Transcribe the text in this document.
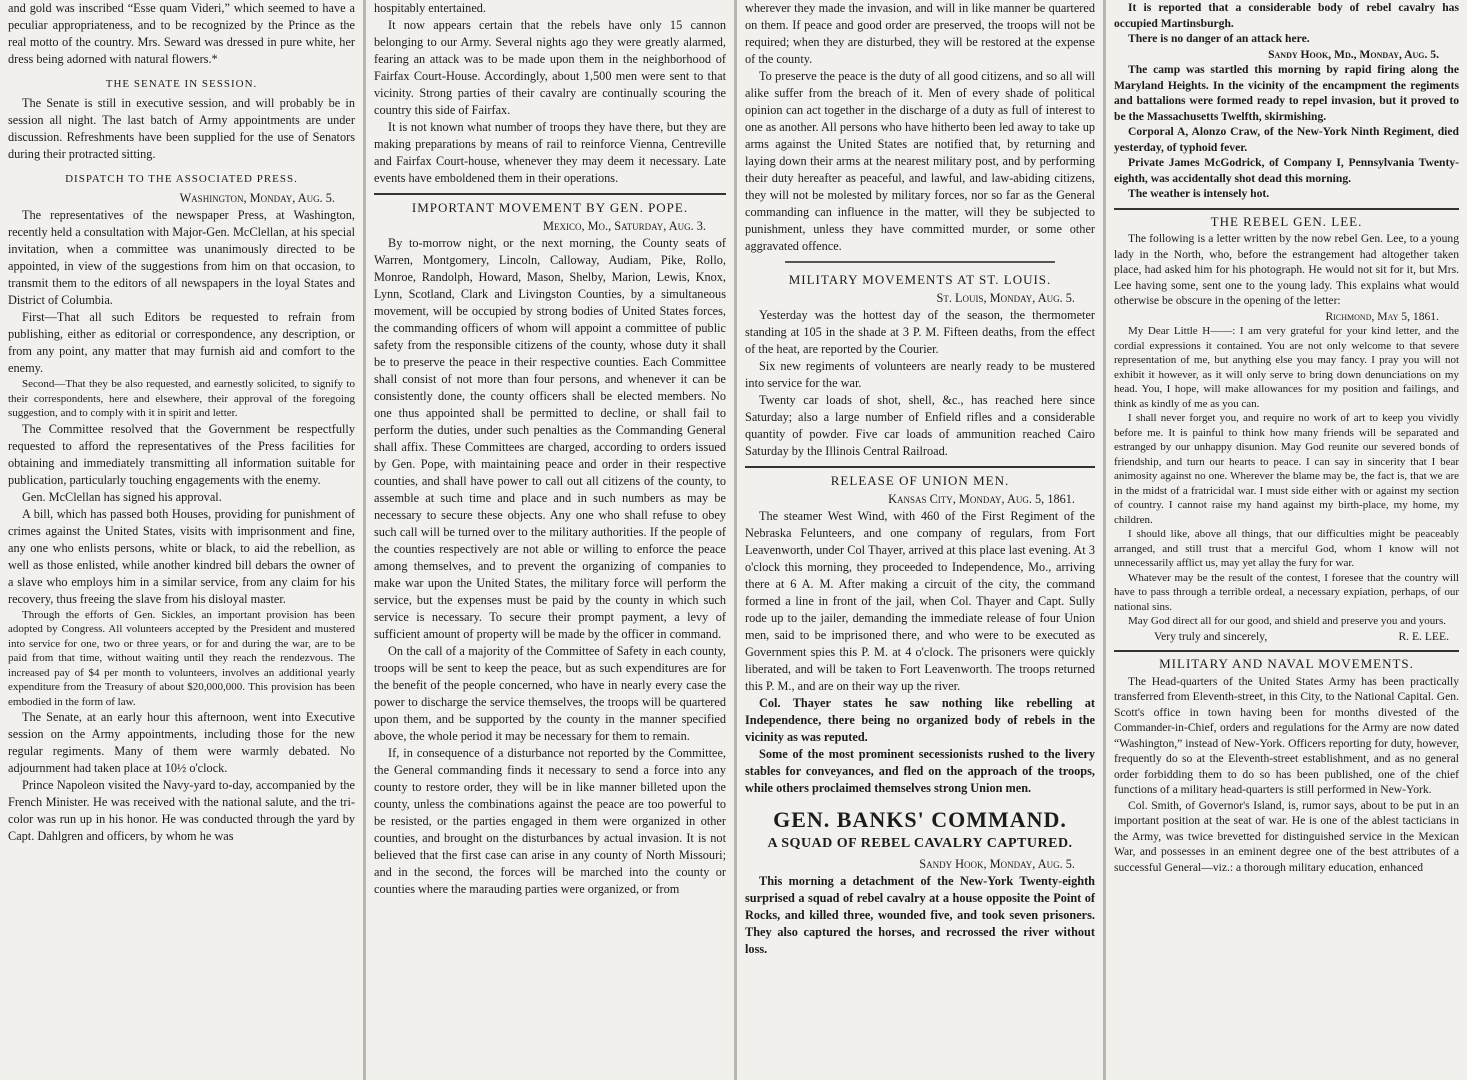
and gold was inscribed “Esse quam Videri,” which seemed to have a peculiar appropriateness, and to be recognized by the Prince as the real motto of the country. Mrs. Seward was dressed in pure white, her dress being adorned with natural flowers.*

THE SENATE IN SESSION.

The Senate is still in executive session, and will probably be in session all night. The last batch of Army appointments are under discussion. Refreshments have been supplied for the use of Senators during their protracted sitting.

DISPATCH TO THE ASSOCIATED PRESS.

Washington, Monday, Aug. 5.

The representatives of the newspaper Press, at Washington, recently held a consultation with Major-Gen. McClellan, at his special invitation, when a committee was unanimously directed to be appointed, in view of the suggestions from him on that occasion, to transmit them to the editors of all newspapers in the loyal States and District of Columbia.

First—That all such Editors be requested to refrain from publishing, either as editorial or correspondence, any description, or from any point, any matter that may furnish aid and comfort to the enemy.

Second—That they be also requested, and earnestly solicited, to signify to their correspondents, here and elsewhere, their approval of the foregoing suggestion, and to comply with it in spirit and letter.

The Committee resolved that the Government be respectfully requested to afford the representatives of the Press facilities for obtaining and immediately transmitting all information suitable for publication, particularly touching engagements with the enemy.

Gen. McClellan has signed his approval.

A bill, which has passed both Houses, providing for punishment of crimes against the United States, visits with imprisonment and fine, any one who enlists persons, white or black, to aid the rebellion, as well as those enlisted, while another kindred bill debars the owner of a slave who employs him in a similar service, from any claim for his recovery, thus freeing the slave from his disloyal master.

Through the efforts of Gen. Sickles, an important provision has been adopted by Congress. All volunteers accepted by the President and mustered into service for one, two or three years, or for and during the war, are to be paid from that time, without waiting until they reach the rendezvous. The increased pay of $4 per month to volunteers, involves an additional yearly expenditure from the Treasury of about $20,000,000. This provision has been embodied in the form of law.

The Senate, at an early hour this afternoon, went into Executive session on the Army appointments, including those for the new regular regiments. Many of them were warmly debated. No adjournment had taken place at 10½ o'clock.

Prince Napoleon visited the Navy-yard to-day, accompanied by the French Minister. He was received with the national salute, and the tri-color was run up in his honor. He was conducted through the yard by Capt. Dahlgren and officers, by whom he was

hospitably entertained.

It now appears certain that the rebels have only 15 cannon belonging to our Army. Several nights ago they were greatly alarmed, fearing an attack was to be made upon them in the neighborhood of Fairfax Court-House. Accordingly, about 1,500 men were sent to that vicinity. Strong parties of their cavalry are continually scouring the country this side of Fairfax.

It is not known what number of troops they have there, but they are making preparations by means of rail to reinforce Vienna, Centreville and Fairfax Court-house, whenever they may deem it necessary. Late events have emboldened them in their operations.

IMPORTANT MOVEMENT BY GEN. POPE.

Mexico, Mo., Saturday, Aug. 3.

By to-morrow night, or the next morning, the County seats of Warren, Montgomery, Lincoln, Calloway, Audiam, Pike, Rollo, Monroe, Randolph, Howard, Mason, Shelby, Marion, Lewis, Knox, Lynn, Scotland, Clark and Livingston Counties, by a simultaneous movement, will be occupied by strong bodies of United States forces, the commanding officers of whom will appoint a committee of public safety from the responsible citizens of the county, whose duty it shall be to preserve the peace in their respective counties. Each Committee shall consist of not more than four persons, and whenever it can be consistently done, the county officers shall be elected members. No one thus appointed shall be permitted to decline, or shall fail to perform the duties, under such penalties as the Commanding General shall affix. These Committees are charged, according to orders issued by Gen. Pope, with maintaining peace and order in their respective counties, and shall have power to call out all citizens of the county, to assemble at such time and place and in such numbers as may be necessary to secure these objects. Any one who shall refuse to obey such call will be turned over to the military authorities. If the people of the counties respectively are not able or willing to enforce the peace among themselves, and to prevent the organizing of companies to make war upon the United States, the military force will perform the service, but the expenses must be paid by the county in which such service is necessary. To secure their prompt payment, a levy of sufficient amount of property will be made by the officer in command.

On the call of a majority of the Committee of Safety in each county, troops will be sent to keep the peace, but as such expenditures are for the benefit of the people concerned, who have in nearly every case the power to discharge the service themselves, the troops will be quartered upon them, and be supported by the county in the manner specified above, the whole period it may be necessary for them to remain.

If, in consequence of a disturbance not reported by the Committee, the General commanding finds it necessary to send a force into any county to restore order, they will be in like manner billeted upon the county, unless the combinations against the peace are too powerful to be resisted, or the parties engaged in them were organized in other counties, and brought on the disturbances by actual invasion. It is not believed that the first case can arise in any county of North Missouri; and in the second, the forces will be marched into the county or counties where the marauding parties were organized, or from

wherever they made the invasion, and will in like manner be quartered on them. If peace and good order are preserved, the troops will not be required; when they are disturbed, they will be restored at the expense of the county.

To preserve the peace is the duty of all good citizens, and so all will alike suffer from the breach of it. Men of every shade of political opinion can act together in the discharge of a duty as full of interest to one as another. All persons who have hitherto been led away to take up arms against the United States are notified that, by returning and laying down their arms at the nearest military post, and by performing their duty hereafter as peaceful, and lawful, and law-abiding citizens, they will not be molested by military forces, nor so far as the General commanding can influence in the matter, will they be subjected to punishment, unless they have committed murder, or some other aggravated offence.

MILITARY MOVEMENTS AT ST. LOUIS.

St. Louis, Monday, Aug. 5.

Yesterday was the hottest day of the season, the thermometer standing at 105 in the shade at 3 P. M. Fifteen deaths, from the effect of the heat, are reported by the Courier.

Six new regiments of volunteers are nearly ready to be mustered into service for the war.

Twenty car loads of shot, shell, &c., has reached here since Saturday; also a large number of Enfield rifles and a considerable quantity of powder. Five car loads of ammunition reached Cairo Saturday by the Illinois Central Railroad.

RELEASE OF UNION MEN.

Kansas City, Monday, Aug. 5, 1861.

The steamer West Wind, with 460 of the First Regiment of the Nebraska Felunteers, and one company of regulars, from Fort Leavenworth, under Col Thayer, arrived at this place last evening. At 3 o'clock this morning, they proceeded to Independence, Mo., arriving there at 6 A. M. After making a circuit of the city, the command formed a line in front of the jail, when Col. Thayer and Capt. Sully rode up to the jailer, demanding the immediate release of four Union men, said to be imprisoned there, and who were to be executed as Government spies this P. M. at 4 o'clock. The prisoners were quickly liberated, and will be taken to Fort Leavenworth. The troops returned this P. M., and are on their way up the river.

Col. Thayer states he saw nothing like rebelling at Independence, there being no organized body of rebels in the vicinity as was reputed.

Some of the most prominent secessionists rushed to the livery stables for conveyances, and fled on the approach of the troops, while others proclaimed themselves strong Union men.

GEN. BANKS' COMMAND.

A SQUAD OF REBEL CAVALRY CAPTURED.

Sandy Hook, Monday, Aug. 5.

This morning a detachment of the New-York Twenty-eighth surprised a squad of rebel cavalry at a house opposite the Point of Rocks, and killed three, wounded five, and took seven prisoners. They also captured the horses, and recrossed the river without loss.

It is reported that a considerable body of rebel cavalry has occupied Martinsburgh.

There is no danger of an attack here.

Sandy Hook, Md., Monday, Aug. 5.

The camp was startled this morning by rapid firing along the Maryland Heights. In the vicinity of the encampment the regiments and battalions were formed ready to repel invasion, but it proved to be the Massachusetts Twelfth, skirmishing.

Corporal A, Alonzo Craw, of the New-York Ninth Regiment, died yesterday, of typhoid fever.

Private James McGodrick, of Company I, Pennsylvania Twenty-eighth, was accidentally shot dead this morning.

The weather is intensely hot.

THE REBEL GEN. LEE.

The following is a letter written by the now rebel Gen. Lee, to a young lady in the North, who, before the estrangement had altogether taken place, had asked him for his photograph. He would not sit for it, but Mrs. Lee having some, sent one to the young lady. This explains what would otherwise be obscure in the opening of the letter:

Richmond, May 5, 1861.

My Dear Little H——: I am very grateful for your kind letter, and the cordial expressions it contained. You are not only welcome to that severe representation of me, but anything else you may fancy. I pray you will not exhibit it however, as it will only serve to bring down denunciations on my head. You, I hope, will make allowances for my position and failings, and think as kindly of me as you can.

I shall never forget you, and require no work of art to keep you vividly before me. It is painful to think how many friends will be separated and estranged by our unhappy disunion. May God reunite our severed bonds of friendship, and turn our hearts to peace. I can say in sincerity that I bear animosity against no one. Wherever the blame may be, the fact is, that we are in the midst of a fratricidal war. I must side either with or against my section of country. I cannot raise my hand against my birth-place, my home, my children.

I should like, above all things, that our difficulties might be peaceably arranged, and still trust that a merciful God, whom I know will not unnecessarily afflict us, may yet allay the fury for war.

Whatever may be the result of the contest, I foresee that the country will have to pass through a terrible ordeal, a necessary expiation, perhaps, of our national sins.

May God direct all for our good, and shield and preserve you and yours.

Very truly and sincerely,	R. E. LEE.

MILITARY AND NAVAL MOVEMENTS.

The Head-quarters of the United States Army has been practically transferred from Eleventh-street, in this City, to the National Capital. Gen. Scott's office in town having been for months divested of the Commander-in-Chief, orders and regulations for the Army are now dated “Washington,” instead of New-York. Officers reporting for duty, however, frequently do so at the Eleventh-street establishment, and as no general order forbidding them to do so has been published, one of the chief functions of a military head-quarters is still performed in New-York.

Col. Smith, of Governor's Island, is, rumor says, about to be put in an important position at the seat of war. He is one of the ablest tacticians in the Army, was twice brevetted for distinguished service in the Mexican War, and possesses in an eminent degree one of the best attributes of a successful General—viz.: a thorough military education, enhanced
